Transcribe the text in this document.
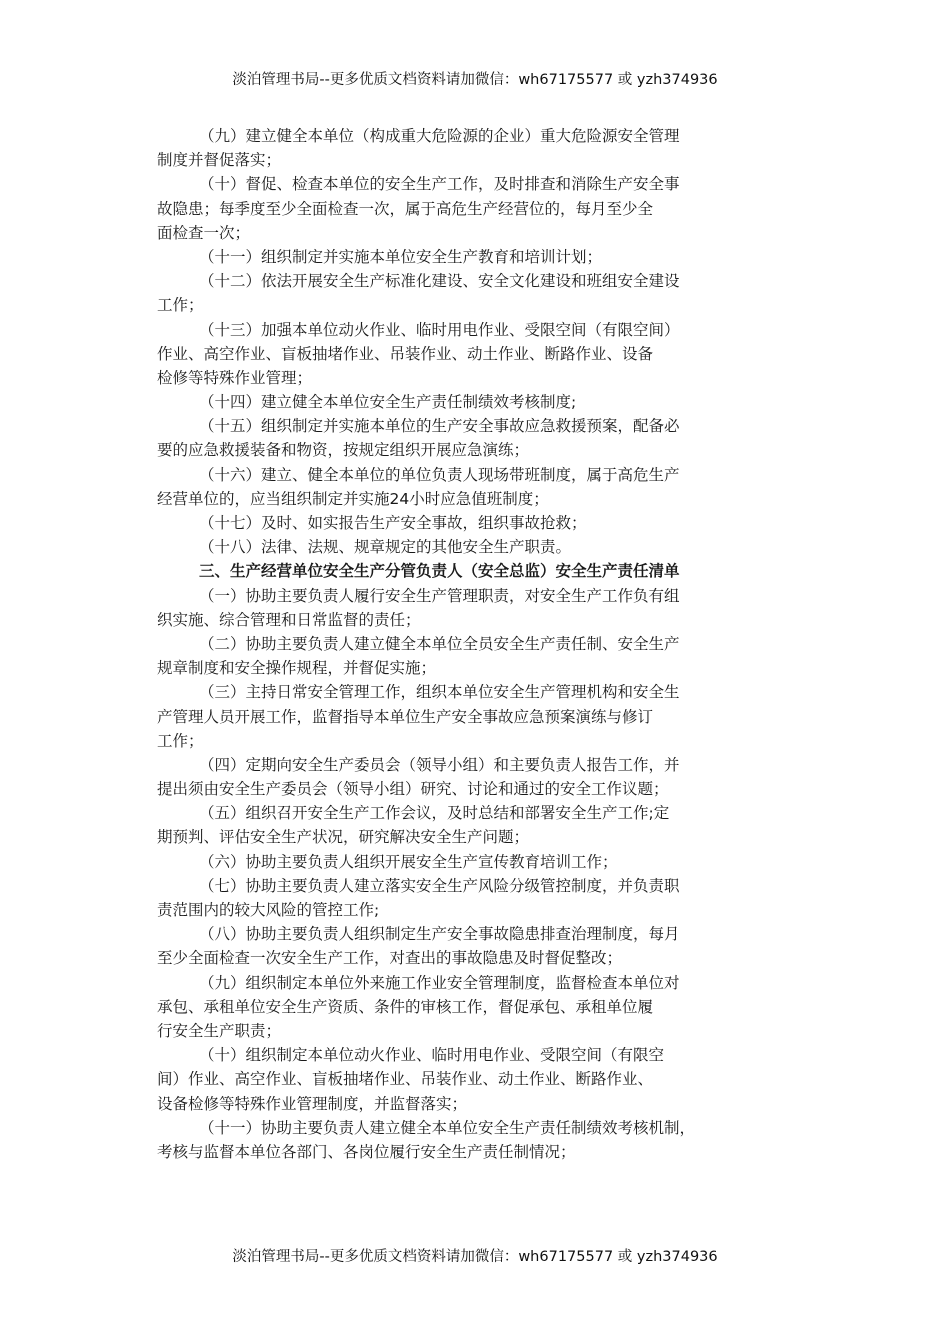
淡泊管理书局--更多优质文档资料请加微信：wh67175577 或 yzh374936
（九）建立健全本单位（构成重大危险源的企业）重大危险源安全管理
制度并督促落实；
（十）督促、检查本单位的安全生产工作，及时排查和消除生产安全事
故隐患；每季度至少全面检查一次，属于高危生产经营位的，每月至少全
面检查一次；
（十一）组织制定并实施本单位安全生产教育和培训计划；
（十二）依法开展安全生产标准化建设、安全文化建设和班组安全建设
工作；
（十三）加强本单位动火作业、临时用电作业、受限空间（有限空间）
作业、高空作业、盲板抽堵作业、吊装作业、动土作业、断路作业、设备
检修等特殊作业管理；
（十四）建立健全本单位安全生产责任制绩效考核制度;
（十五）组织制定并实施本单位的生产安全事故应急救援预案，配备必
要的应急救援装备和物资，按规定组织开展应急演练；
（十六）建立、健全本单位的单位负责人现场带班制度，属于高危生产
经营单位的，应当组织制定并实施24小时应急值班制度；
（十七）及时、如实报告生产安全事故，组织事故抢救；
（十八）法律、法规、规章规定的其他安全生产职责。
三、生产经营单位安全生产分管负责人（安全总监）安全生产责任清单
（一）协助主要负责人履行安全生产管理职责，对安全生产工作负有组
织实施、综合管理和日常监督的责任；
（二）协助主要负责人建立健全本单位全员安全生产责任制、安全生产
规章制度和安全操作规程，并督促实施；
（三）主持日常安全管理工作，组织本单位安全生产管理机构和安全生
产管理人员开展工作，监督指导本单位生产安全事故应急预案演练与修订
工作；
（四）定期向安全生产委员会（领导小组）和主要负责人报告工作，并
提出须由安全生产委员会（领导小组）研究、讨论和通过的安全工作议题；
（五）组织召开安全生产工作会议，及时总结和部署安全生产工作;定
期预判、评估安全生产状况，研究解决安全生产问题；
（六）协助主要负责人组织开展安全生产宣传教育培训工作；
（七）协助主要负责人建立落实安全生产风险分级管控制度，并负责职
责范围内的较大风险的管控工作;
（八）协助主要负责人组织制定生产安全事故隐患排查治理制度，每月
至少全面检查一次安全生产工作，对查出的事故隐患及时督促整改；
（九）组织制定本单位外来施工作业安全管理制度，监督检查本单位对
承包、承租单位安全生产资质、条件的审核工作，督促承包、承租单位履
行安全生产职责；
（十）组织制定本单位动火作业、临时用电作业、受限空间（有限空
间）作业、高空作业、盲板抽堵作业、吊装作业、动土作业、断路作业、
设备检修等特殊作业管理制度，并监督落实；
（十一）协助主要负责人建立健全本单位安全生产责任制绩效考核机制，
考核与监督本单位各部门、各岗位履行安全生产责任制情况；
淡泊管理书局--更多优质文档资料请加微信：wh67175577 或 yzh374936
